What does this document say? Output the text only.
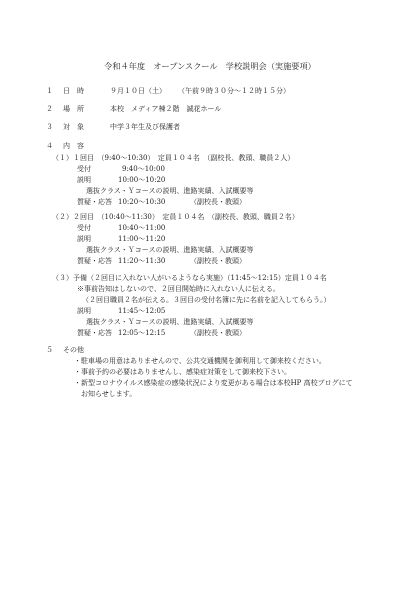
令和４年度　オープンスクール　学校説明会（実施要項）
１ 日　時	９月１０日（土） （午前９時３０分～１２時１５分）
２ 場　所	本校　メディア棟２階　誠花ホール
３ 対　象	中学３年生及び保護者
４ 内　容
（１）１回目　（9:40～10:30）　定員１０４名　（副校長、教頭、職員２人）
受付	9:40～10:00
説明	10:00～10:20
選抜クラス・Ｙコースの説明、進路実績、入試概要等
質疑・応答 10:20～10:30	（副校長・教頭）
（２）２回目　（10:40～11:30）　定員１０４名　（副校長、教頭、職員２名）
受付	10:40～11:00
説明	11:00～11:20
選抜クラス・Ｙコースの説明、進路実績、入試概要等
質疑・応答 11:20～11:30	（副校長・教頭）
（３）予備（２回目に入れない人がいるようなら実施）（11:45～12:15）定員１０４名
※事前告知はしないので、２回目開始時に入れない人に伝える。
（２回目職員２名が伝える。３回目の受付名簿に先に名前を記入してもらう。）
説明	11:45～12:05
選抜クラス・Ｙコースの説明、進路実績、入試概要等
質疑・応答 12:05～12:15	（副校長・教頭）
５ その他
・駐車場の用意はありませんので、公共交通機関を御利用して御来校ください。
・事前予約の必要はありませんし、感染症対策をして御来校下さい。
・新型コロナウイルス感染症の感染状況により変更がある場合は本校HP 高校ブログにて
　お知らせします。
